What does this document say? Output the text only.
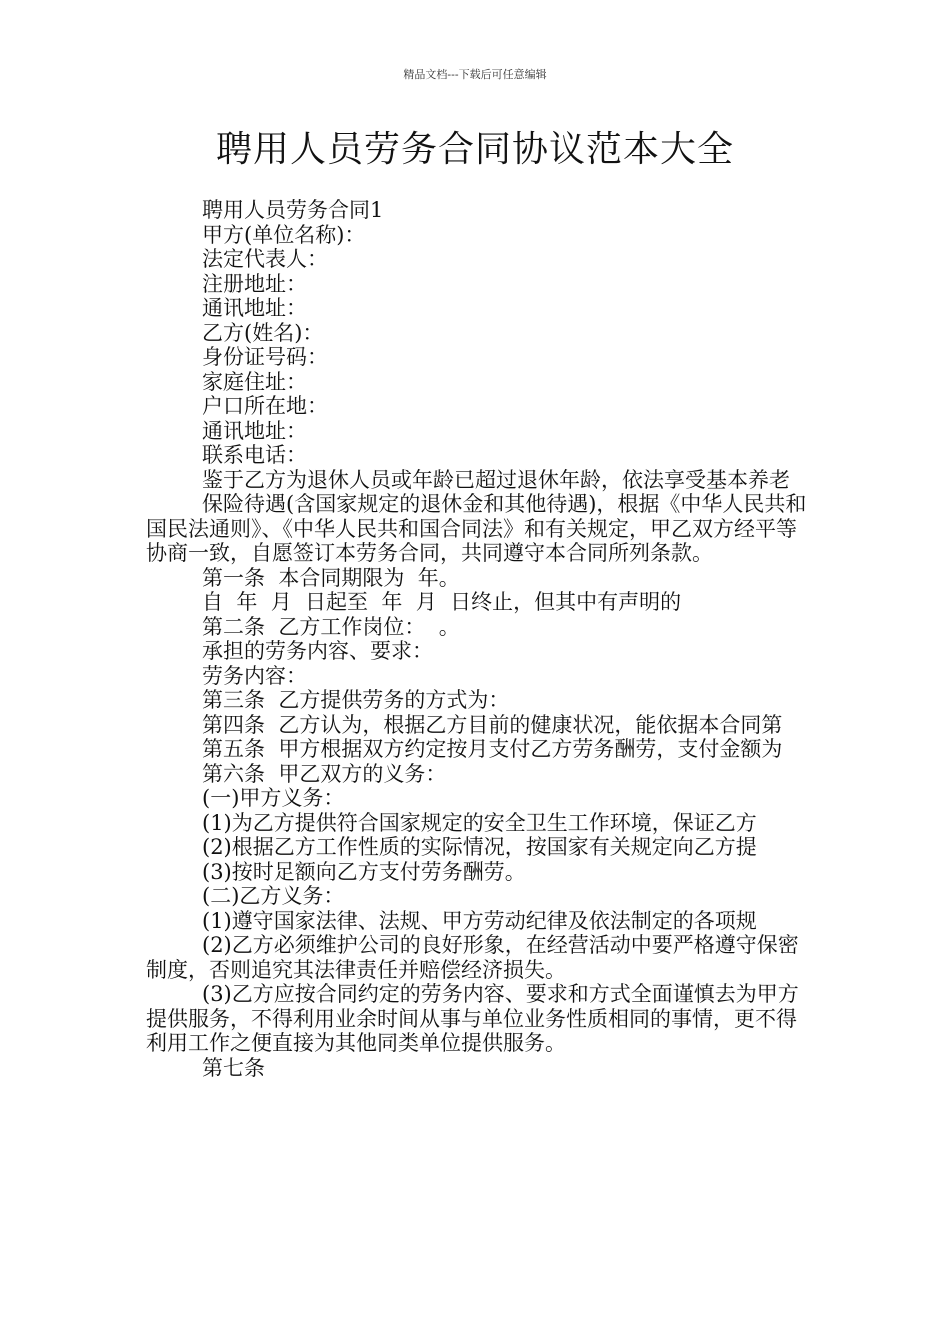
精品文档---下载后可任意编辑
聘用人员劳务合同协议范本大全

聘用人员劳务合同1

甲方(单位名称)：

法定代表人：

注册地址：

通讯地址：

乙方(姓名)：

身份证号码：

家庭住址：

户口所在地：

通讯地址：

联系电话：

鉴于乙方为退休人员或年龄已超过退休年龄，依法享受基本养老

保险待遇(含国家规定的退休金和其他待遇)，根据《中华人民共和国民法通则》、《中华人民共和国合同法》和有关规定，甲乙双方经平等协商一致，自愿签订本劳务合同，共同遵守本合同所列条款。

第一条  本合同期限为  年。

自  年  月  日起至  年  月  日终止，但其中有声明的

第二条  乙方工作岗位：  。

承担的劳务内容、要求：

劳务内容：

第三条  乙方提供劳务的方式为：

第四条  乙方认为，根据乙方目前的健康状况，能依据本合同第

第五条  甲方根据双方约定按月支付乙方劳务酬劳，支付金额为

第六条  甲乙双方的义务：

(一)甲方义务：

(1)为乙方提供符合国家规定的安全卫生工作环境，保证乙方

(2)根据乙方工作性质的实际情况，按国家有关规定向乙方提

(3)按时足额向乙方支付劳务酬劳。

(二)乙方义务：

(1)遵守国家法律、法规、甲方劳动纪律及依法制定的各项规

(2)乙方必须维护公司的良好形象，在经营活动中要严格遵守保密制度，否则追究其法律责任并赔偿经济损失。

(3)乙方应按合同约定的劳务内容、要求和方式全面谨慎去为甲方提供服务，不得利用业余时间从事与单位业务性质相同的事情，更不得利用工作之便直接为其他同类单位提供服务。

第七条
